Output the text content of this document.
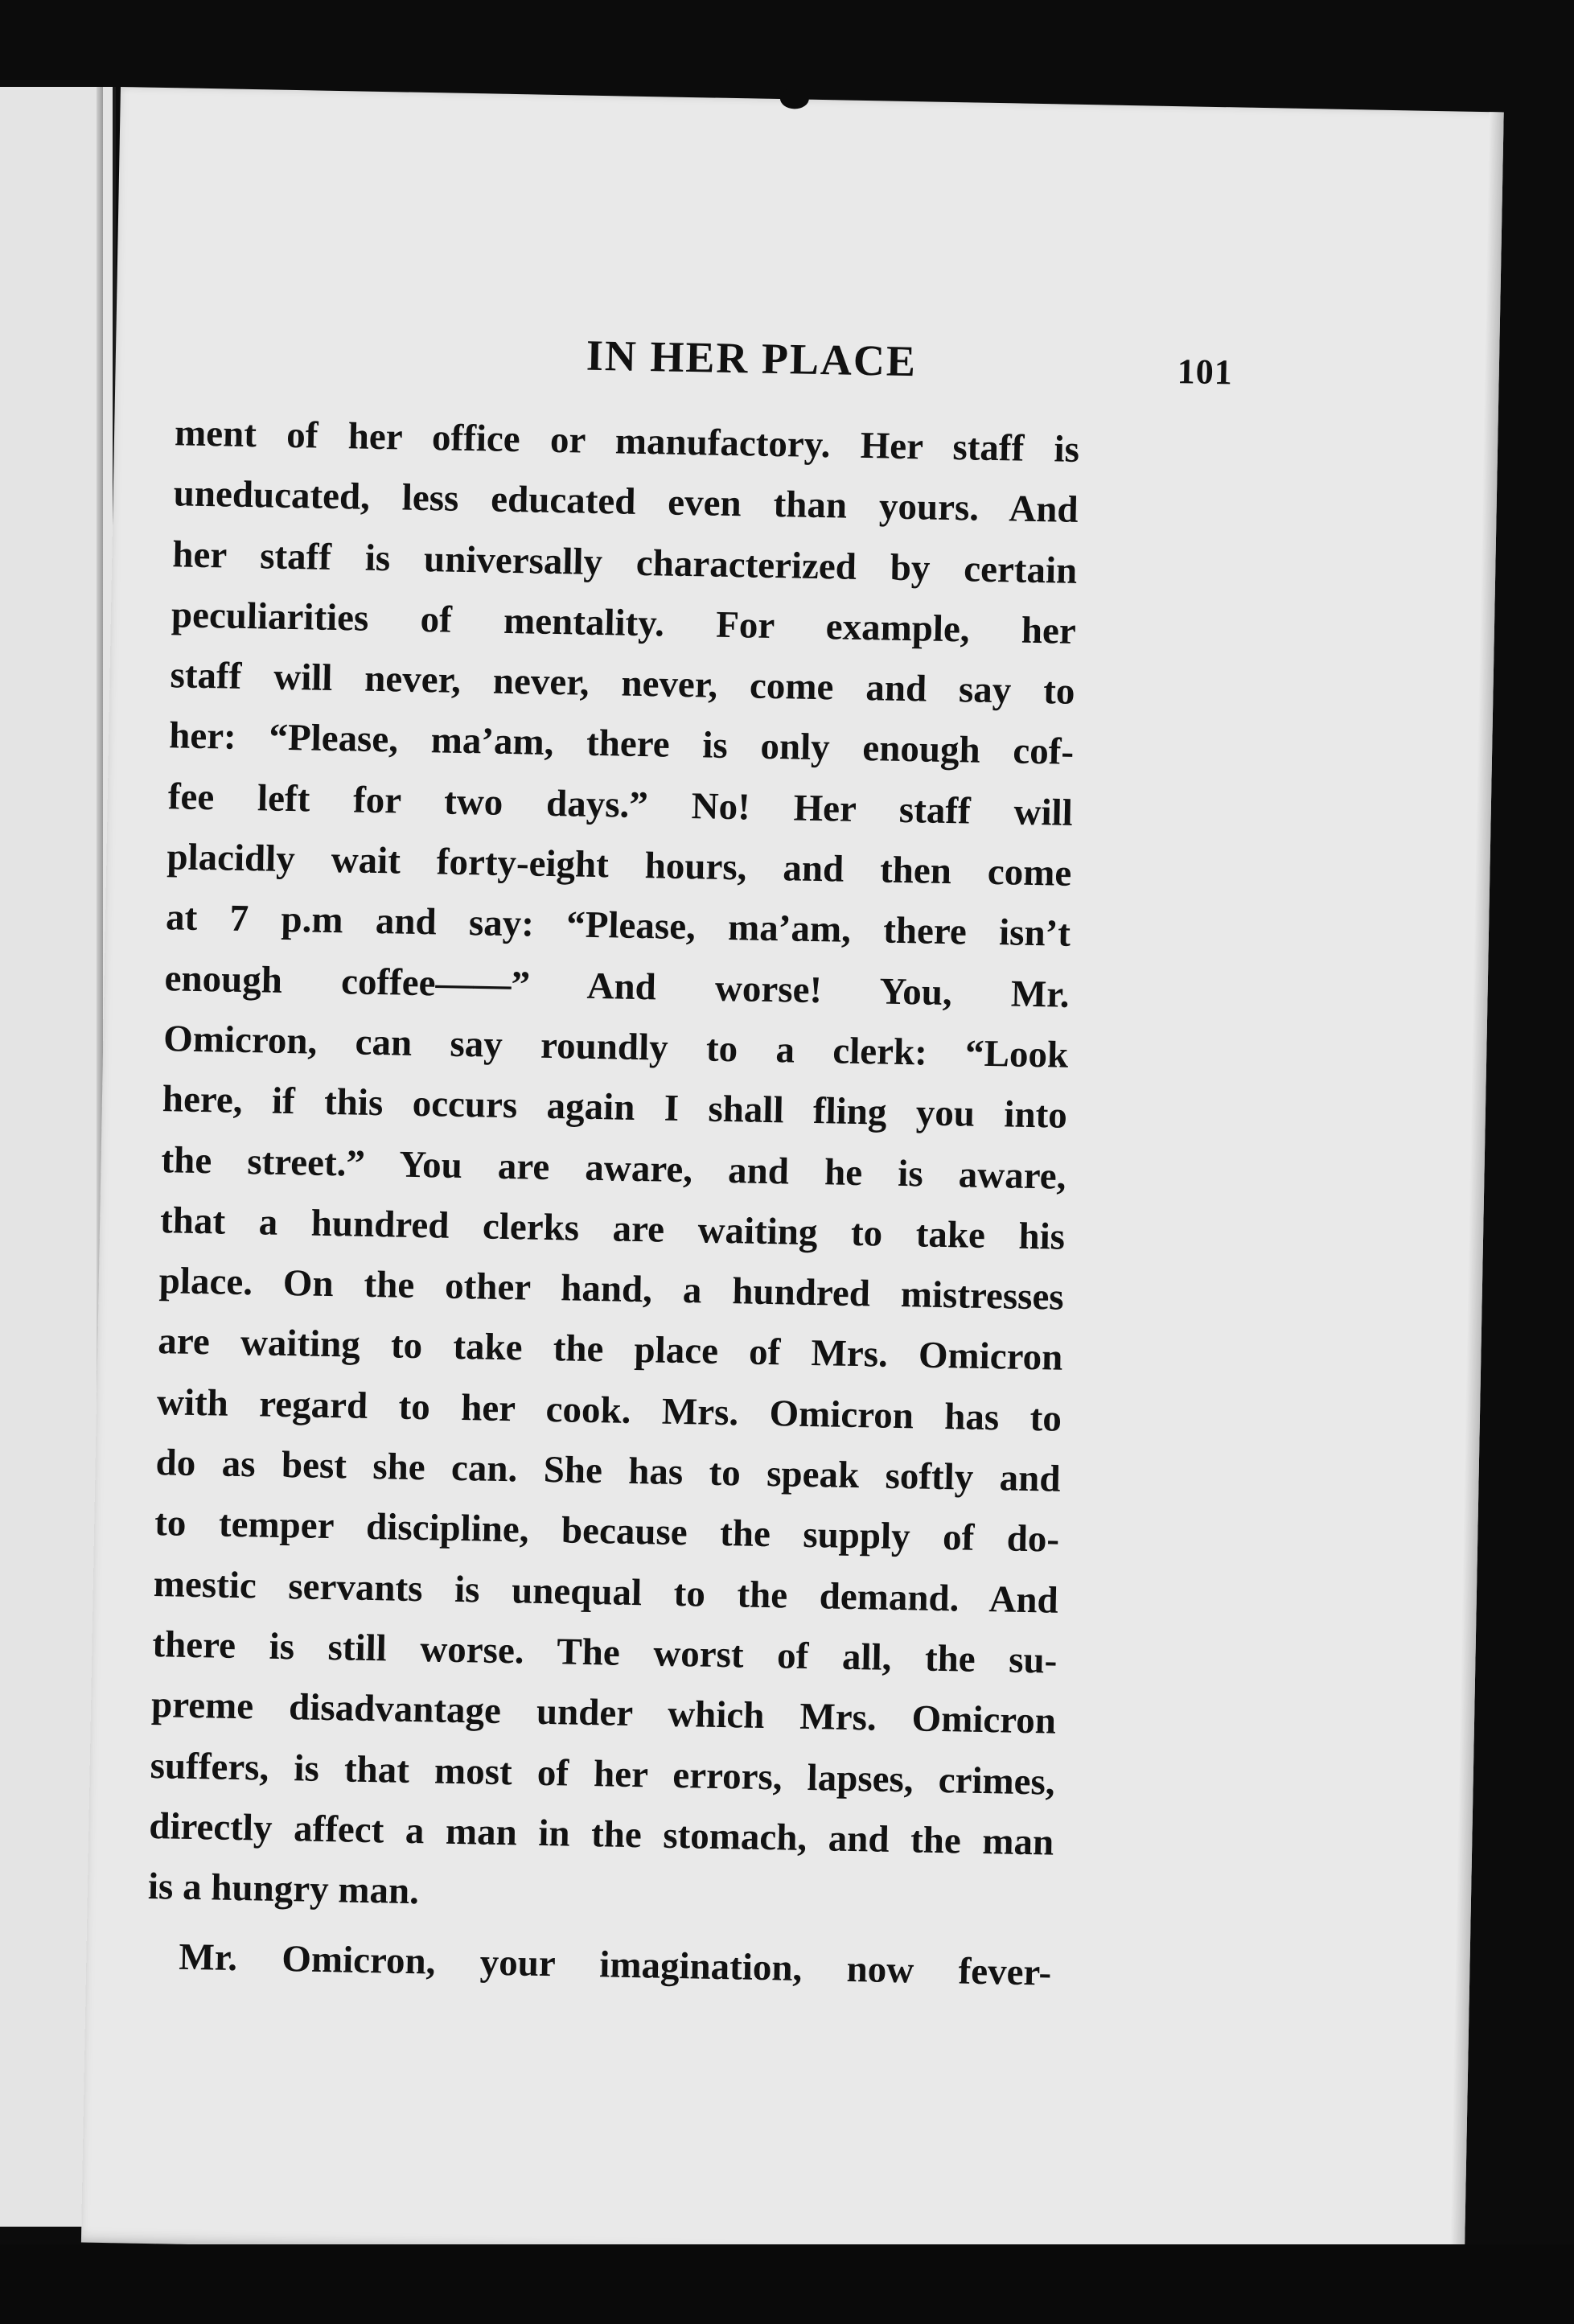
IN HER PLACE	101
ment of her office or manufactory. Her staff is
uneducated, less educated even than yours. And
her staff is universally characterized by certain
peculiarities of mentality. For example, her
staff will never, never, never, come and say to
her: “Please, ma’am, there is only enough cof-
fee left for two days.” No! Her staff will
placidly wait forty-eight hours, and then come
at 7 p.m and say: “Please, ma’am, there isn’t
enough coffee——” And worse! You, Mr.
Omicron, can say roundly to a clerk: “Look
here, if this occurs again I shall fling you into
the street.” You are aware, and he is aware,
that a hundred clerks are waiting to take his
place. On the other hand, a hundred mistresses
are waiting to take the place of Mrs. Omicron
with regard to her cook. Mrs. Omicron has to
do as best she can. She has to speak softly and
to temper discipline, because the supply of do-
mestic servants is unequal to the demand. And
there is still worse. The worst of all, the su-
preme disadvantage under which Mrs. Omicron
suffers, is that most of her errors, lapses, crimes,
directly affect a man in the stomach, and the man
is a hungry man.
Mr. Omicron, your imagination, now fever-
